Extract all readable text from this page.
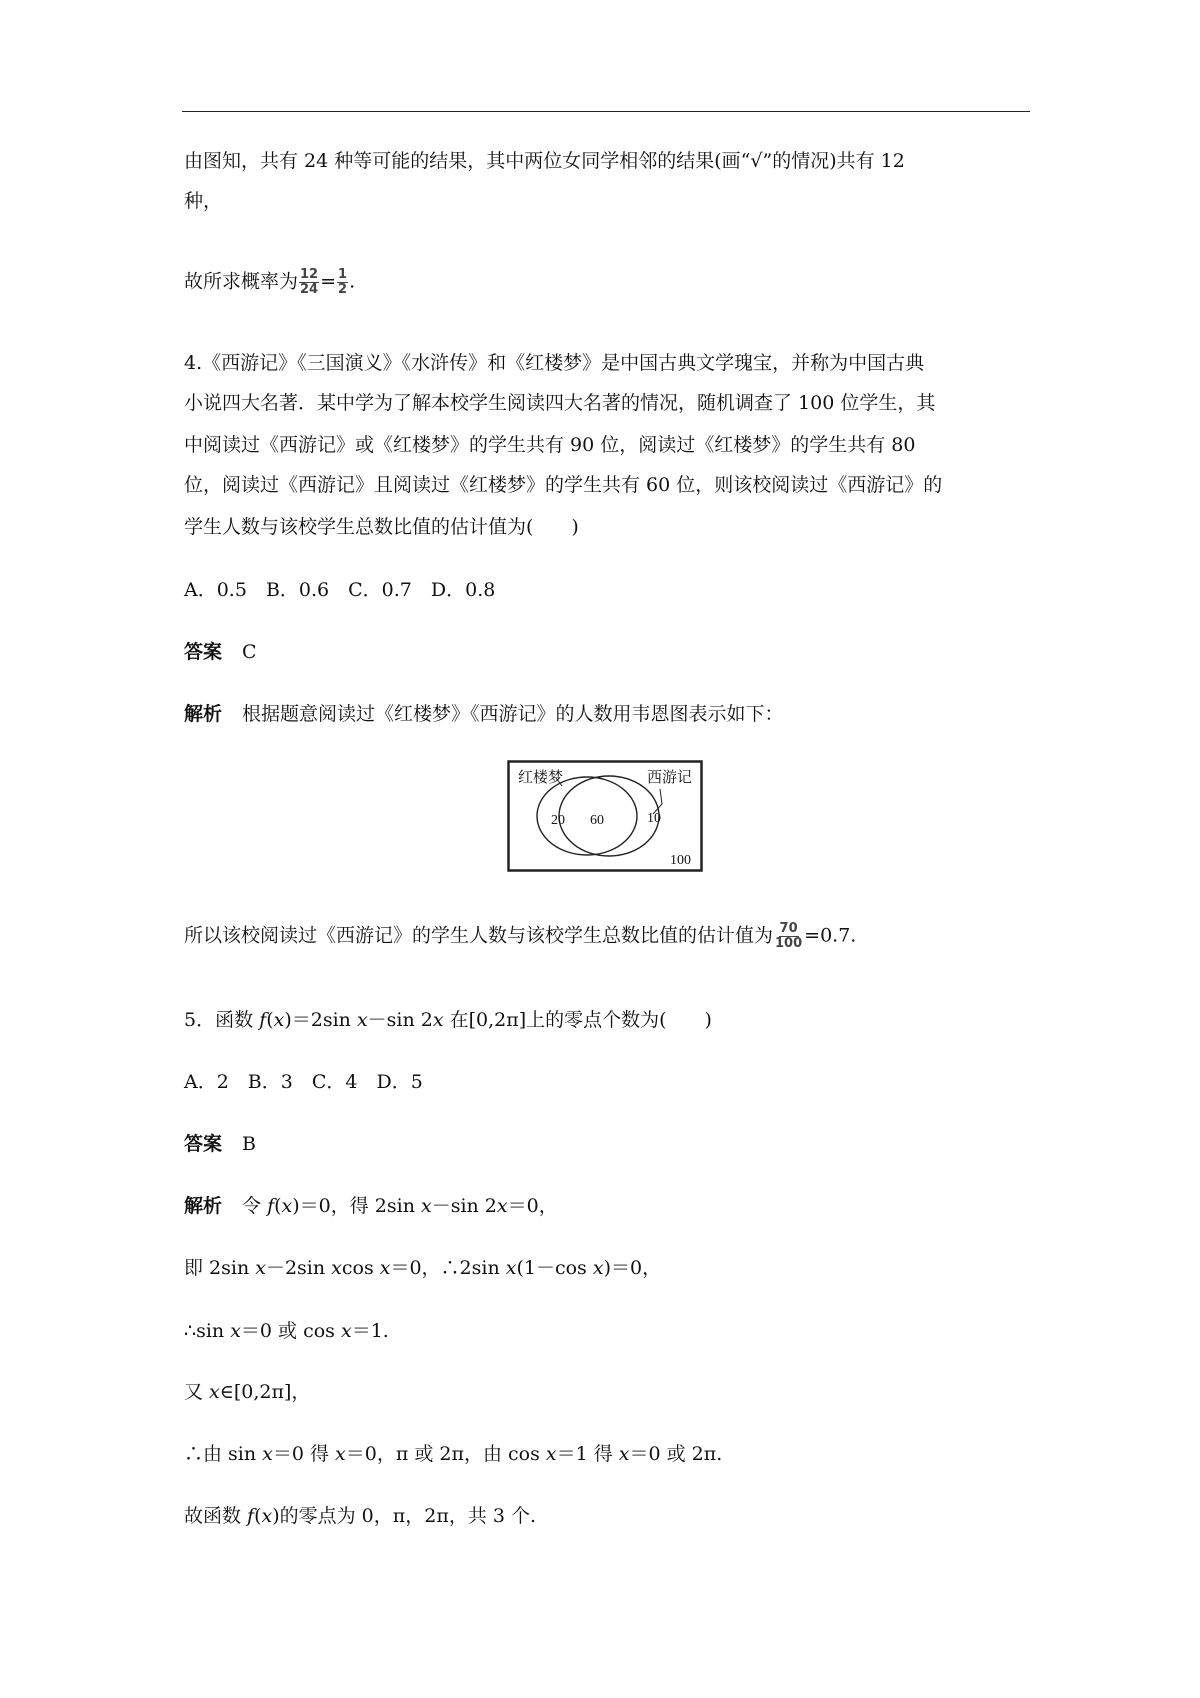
由图知，共有 24 种等可能的结果，其中两位女同学相邻的结果(画“√”的情况)共有 12
种，
故所求概率为 $\frac{12}{24} = \frac{1}{2}$ .
4.《西游记》《三国演义》《水浒传》和《红楼梦》是中国古典文学瑰宝，并称为中国古典
小说四大名著．某中学为了解本校学生阅读四大名著的情况，随机调查了 100 位学生，其
中阅读过《西游记》或《红楼梦》的学生共有 90 位，阅读过《红楼梦》的学生共有 80
位，阅读过《西游记》且阅读过《红楼梦》的学生共有 60 位，则该校阅读过《西游记》的
学生人数与该校学生总数比值的估计值为(　　)
A．0.5　B．0.6　C．0.7　D．0.8
答案 C
解析 根据题意阅读过《红楼梦》《西游记》的人数用韦恩图表示如下：
红楼梦	西游记
20 60	10
100
所以该校阅读过《西游记》的学生人数与该校学生总数比值的估计值为 $\frac{70}{100} =0.7$.
5．函数 f(x)＝2sin x－sin 2x 在[0,2π]上的零点个数为(　　)
A．2　B．3　C．4　D．5
答案 B
解析 令 f(x)＝0，得 2sin x－sin 2x＝0，
即 2sin x－2sin xcos x＝0，∴2sin x(1－cos x)＝0，
∴sin x＝0 或 cos x＝1.
又 x∈[0,2π]，
∴由 sin x＝0 得 x＝0，π 或 2π，由 cos x＝1 得 x＝0 或 2π.
故函数 f(x)的零点为 0，π，2π，共 3 个.
